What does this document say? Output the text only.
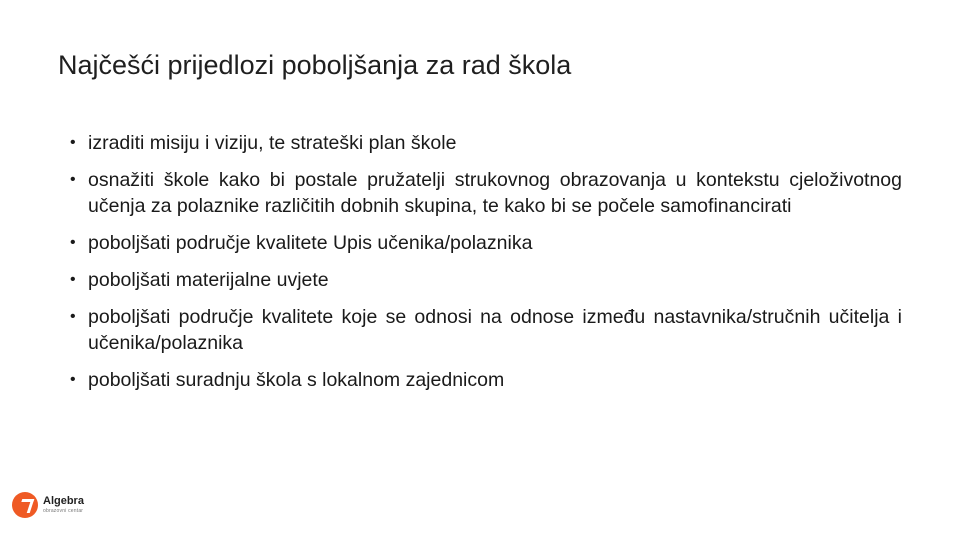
Najčešći prijedlozi poboljšanja za rad škola
• izraditi misiju i viziju, te strateški plan škole
• osnažiti škole kako bi postale pružatelji strukovnog obrazovanja u kontekstu cjeloživotnog učenja za polaznike različitih dobnih skupina, te kako bi se počele samofinancirati
• poboljšati područje kvalitete Upis učenika/polaznika
• poboljšati materijalne uvjete
• poboljšati područje kvalitete koje se odnosi na odnose između nastavnika/stručnih učitelja i učenika/polaznika
• poboljšati suradnju škola s lokalnom zajednicom
Algebra
obrazovni centar
